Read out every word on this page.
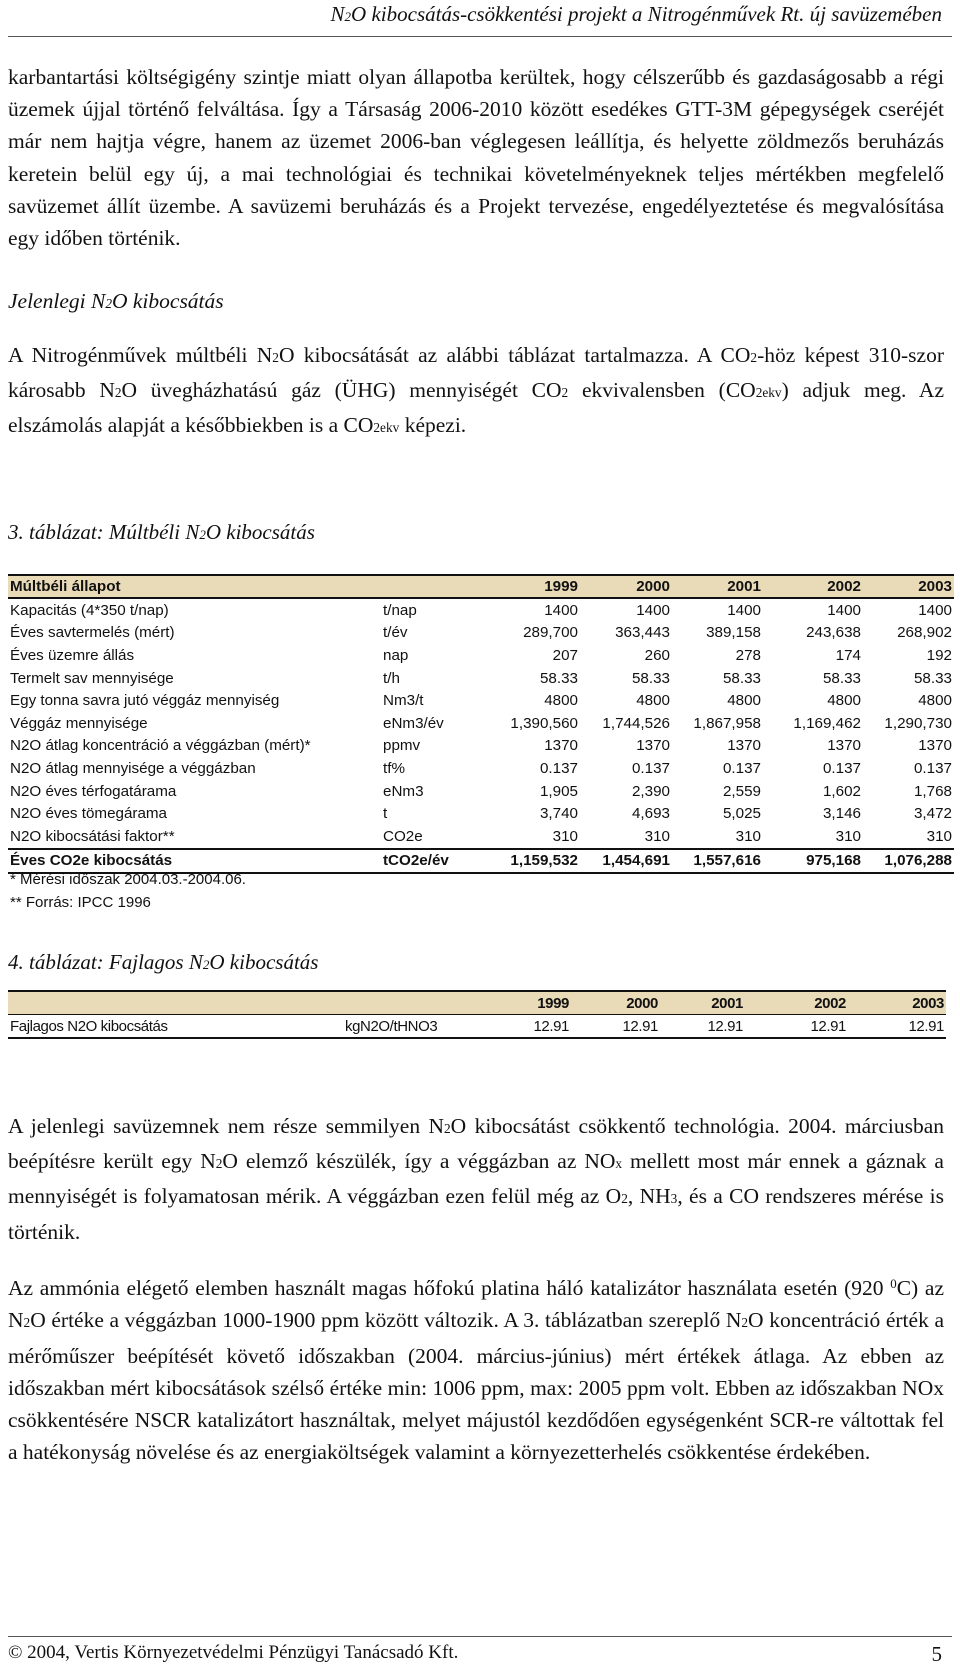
N2O kibocsátás-csökkentési projekt a Nitrogénművek Rt. új savüzemében
karbantartási költségigény szintje miatt olyan állapotba kerültek, hogy célszerűbb és gazdaságosabb a régi üzemek újjal történő felváltása. Így a Társaság 2006-2010 között esedékes GTT-3M gépegységek cseréjét már nem hajtja végre, hanem az üzemet 2006-ban véglegesen leállítja, és helyette zöldmezős beruházás keretein belül egy új, a mai technológiai és technikai követelményeknek teljes mértékben megfelelő savüzemet állít üzembe. A savüzemi beruházás és a Projekt tervezése, engedélyeztetése és megvalósítása egy időben történik.
Jelenlegi N2O kibocsátás
A Nitrogénművek múltbéli N2O kibocsátását az alábbi táblázat tartalmazza. A CO2-höz képest 310-szor károsabb N2O üvegházhatású gáz (ÜHG) mennyiségét CO2 ekvivalensben (CO2ekv) adjuk meg. Az elszámolás alapját a későbbiekben is a CO2ekv képezi.
3. táblázat: Múltbéli N2O kibocsátás
Múltbéli állapot		1999	2000	2001	2002	2003
Kapacitás (4*350 t/nap)	t/nap	1400	1400	1400	1400	1400
Éves savtermelés (mért)	t/év	289,700	363,443	389,158	243,638	268,902
Éves üzemre állás	nap	207	260	278	174	192
Termelt sav mennyisége	t/h	58.33	58.33	58.33	58.33	58.33
Egy tonna savra jutó véggáz mennyiség	Nm3/t	4800	4800	4800	4800	4800
Véggáz mennyisége	eNm3/év	1,390,560	1,744,526	1,867,958	1,169,462	1,290,730
N2O átlag koncentráció a véggázban (mért)*	ppmv	1370	1370	1370	1370	1370
N2O átlag mennyisége a véggázban	tf%	0.137	0.137	0.137	0.137	0.137
N2O éves térfogatárama	eNm3	1,905	2,390	2,559	1,602	1,768
N2O éves tömegárama	t	3,740	4,693	5,025	3,146	3,472
N2O kibocsátási faktor**	CO2e	310	310	310	310	310
Éves CO2e kibocsátás	tCO2e/év	1,159,532	1,454,691	1,557,616	975,168	1,076,288
* Mérési időszak 2004.03.-2004.06.
** Forrás: IPCC 1996
4. táblázat: Fajlagos N2O kibocsátás
		1999	2000	2001	2002	2003
Fajlagos N2O kibocsátás	kgN2O/tHNO3	12.91	12.91	12.91	12.91	12.91
A jelenlegi savüzemnek nem része semmilyen N2O kibocsátást csökkentő technológia. 2004. márciusban beépítésre került egy N2O elemző készülék, így a véggázban az NOx mellett most már ennek a gáznak a mennyiségét is folyamatosan mérik. A véggázban ezen felül még az O2, NH3, és a CO rendszeres mérése is történik.
Az ammónia elégető elemben használt magas hőfokú platina háló katalizátor használata esetén (920 $^0$C) az N2O értéke a véggázban 1000-1900 ppm között változik. A 3. táblázatban szereplő N2O koncentráció érték a mérőműszer beépítését követő időszakban (2004. március-június) mért értékek átlaga. Az ebben az időszakban mért kibocsátások szélső értéke min: 1006 ppm, max: 2005 ppm volt. Ebben az időszakban NOx csökkentésére NSCR katalizátort használtak, melyet májustól kezdődően egységenként SCR-re váltottak fel a hatékonyság növelése és az energiaköltségek valamint a környezetterhelés csökkentése érdekében.
© 2004, Vertis Környezetvédelmi Pénzügyi Tanácsadó Kft.	5
